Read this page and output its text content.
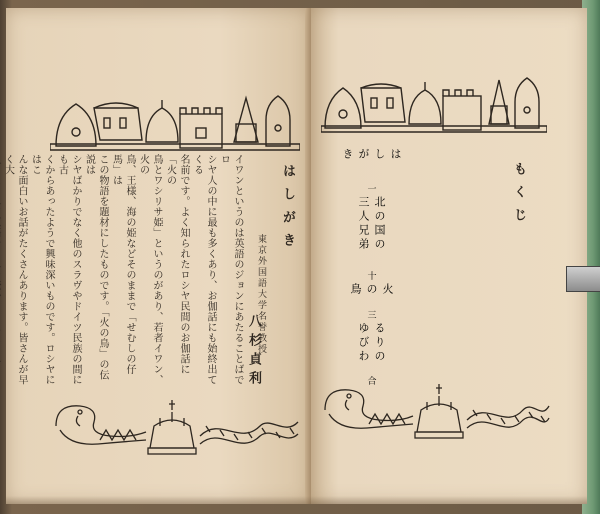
はしがき
東京外国語大学名誉教授
八杉貞利
イワンというのは英語のジョンにあたることばでロ
シヤ人の中に最も多くあり、お伽話にも始終出てくる
名前です。よく知られたロシヤ民間のお伽話に「火の
鳥とワシリサ姫」というのがあり、若者イワン、火の
鳥、王様、海の姫などそのままで「せむしの仔馬」は
この物語を題材にしたものです。「火の鳥」の伝説は
シヤばかりでなく他のスラヴやドイツ民族の間にも古
くからあったようで興味深いものです。ロシヤにはこ
んな面白いお話がたくさんあります。皆さんが早く大	もくじ
はしがき
一
北の国の 三人兄弟
十
火の鳥
三
るりのゆびわ
合
